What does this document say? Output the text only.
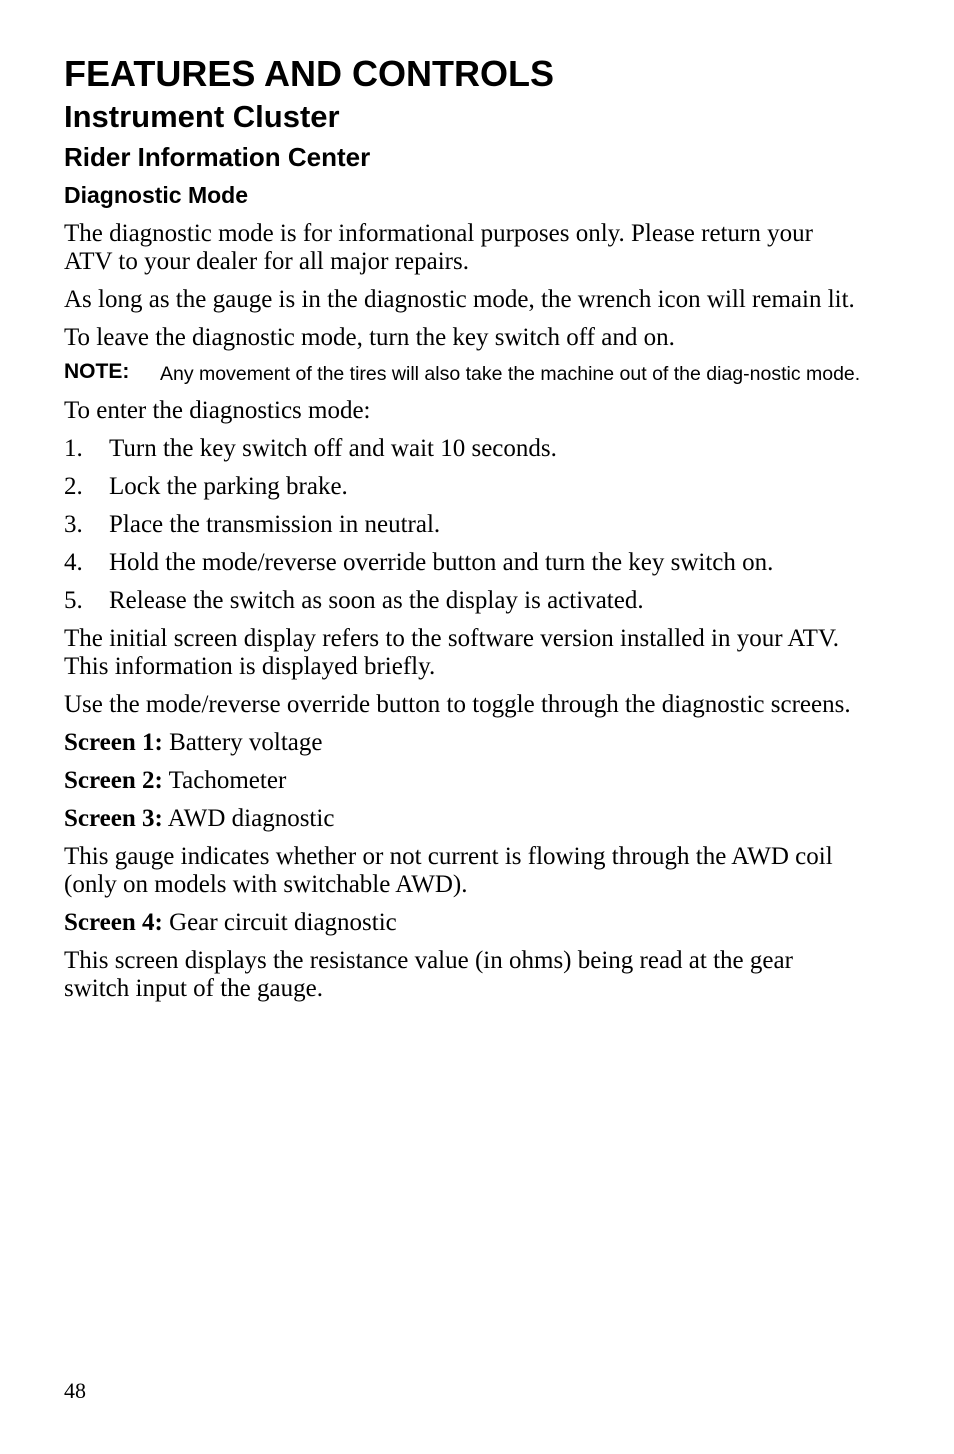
FEATURES AND CONTROLS
Instrument Cluster
Rider Information Center
Diagnostic Mode

The diagnostic mode is for informational purposes only. Please return your ATV to your dealer for all major repairs.

As long as the gauge is in the diagnostic mode, the wrench icon will remain lit.

To leave the diagnostic mode, turn the key switch off and on.

NOTE: Any movement of the tires will also take the machine out of the diag-nostic mode.

To enter the diagnostics mode:

1. Turn the key switch off and wait 10 seconds.
2. Lock the parking brake.
3. Place the transmission in neutral.
4. Hold the mode/reverse override button and turn the key switch on.
5. Release the switch as soon as the display is activated.

The initial screen display refers to the software version installed in your ATV. This information is displayed briefly.

Use the mode/reverse override button to toggle through the diagnostic screens.

Screen 1: Battery voltage

Screen 2: Tachometer

Screen 3: AWD diagnostic

This gauge indicates whether or not current is flowing through the AWD coil (only on models with switchable AWD).

Screen 4: Gear circuit diagnostic

This screen displays the resistance value (in ohms) being read at the gear switch input of the gauge.

48
